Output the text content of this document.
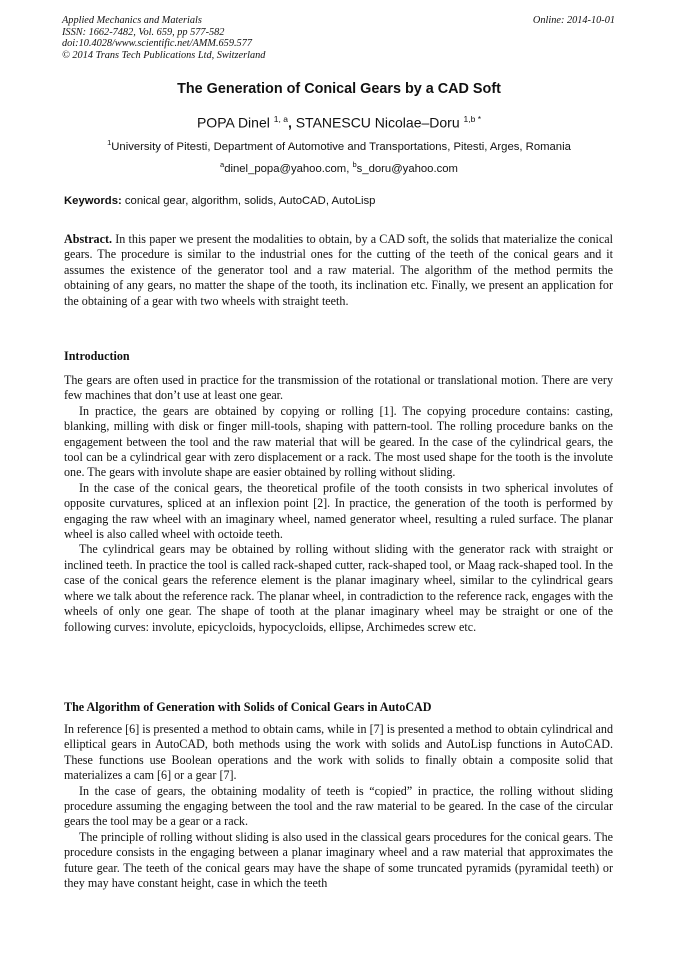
Applied Mechanics and Materials
ISSN: 1662-7482, Vol. 659, pp 577-582
doi:10.4028/www.scientific.net/AMM.659.577
© 2014 Trans Tech Publications Ltd, Switzerland
Online: 2014-10-01
The Generation of Conical Gears by a CAD Soft
POPA Dinel $^{1, a}$, STANESCU Nicolae–Doru $^{1,b *}$
$^1$University of Pitesti, Department of Automotive and Transportations, Pitesti, Arges, Romania
$^a$dinel_popa@yahoo.com, $^b$s_doru@yahoo.com
Keywords: conical gear, algorithm, solids, AutoCAD, AutoLisp

Abstract. In this paper we present the modalities to obtain, by a CAD soft, the solids that materialize the conical gears. The procedure is similar to the industrial ones for the cutting of the teeth of the conical gears and it assumes the existence of the generator tool and a raw material. The algorithm of the method permits the obtaining of any gears, no matter the shape of the tooth, its inclination etc. Finally, we present an application for the obtaining of a gear with two wheels with straight teeth.

Introduction

The gears are often used in practice for the transmission of the rotational or translational motion. There are very few machines that don’t use at least one gear.

In practice, the gears are obtained by copying or rolling [1]. The copying procedure contains: casting, blanking, milling with disk or finger mill-tools, shaping with pattern-tool. The rolling procedure banks on the engagement between the tool and the raw material that will be geared. In the case of the cylindrical gears, the tool can be a cylindrical gear with zero displacement or a rack. The most used shape for the tooth is the involute one. The gears with involute shape are easier obtained by rolling without sliding.

In the case of the conical gears, the theoretical profile of the tooth consists in two spherical involutes of opposite curvatures, spliced at an inflexion point [2]. In practice, the generation of the tooth is performed by engaging the raw wheel with an imaginary wheel, named generator wheel, resulting a ruled surface. The planar wheel is also called wheel with octoide teeth.

The cylindrical gears may be obtained by rolling without sliding with the generator rack with straight or inclined teeth. In practice the tool is called rack-shaped cutter, rack-shaped tool, or Maag rack-shaped tool. In the case of the conical gears the reference element is the planar imaginary wheel, similar to the cylindrical gears where we talk about the reference rack. The planar wheel, in contradiction to the reference rack, engages with the wheels of only one gear. The shape of tooth at the planar imaginary wheel may be straight or one of the following curves: involute, epicycloids, hypocycloids, ellipse, Archimedes screw etc.

The Algorithm of Generation with Solids of Conical Gears in AutoCAD

In reference [6] is presented a method to obtain cams, while in [7] is presented a method to obtain cylindrical and elliptical gears in AutoCAD, both methods using the work with solids and AutoLisp functions in AutoCAD. These functions use Boolean operations and the work with solids to finally obtain a composite solid that materializes a cam [6] or a gear [7].

In the case of gears, the obtaining modality of teeth is “copied” in practice, the rolling without sliding procedure assuming the engaging between the tool and the raw material to be geared. In the case of the circular gears the tool may be a gear or a rack.

The principle of rolling without sliding is also used in the classical gears procedures for the conical gears. The procedure consists in the engaging between a planar imaginary wheel and a raw material that approximates the future gear. The teeth of the conical gears may have the shape of some truncated pyramids (pyramidal teeth) or they may have constant height, case in which the teeth
